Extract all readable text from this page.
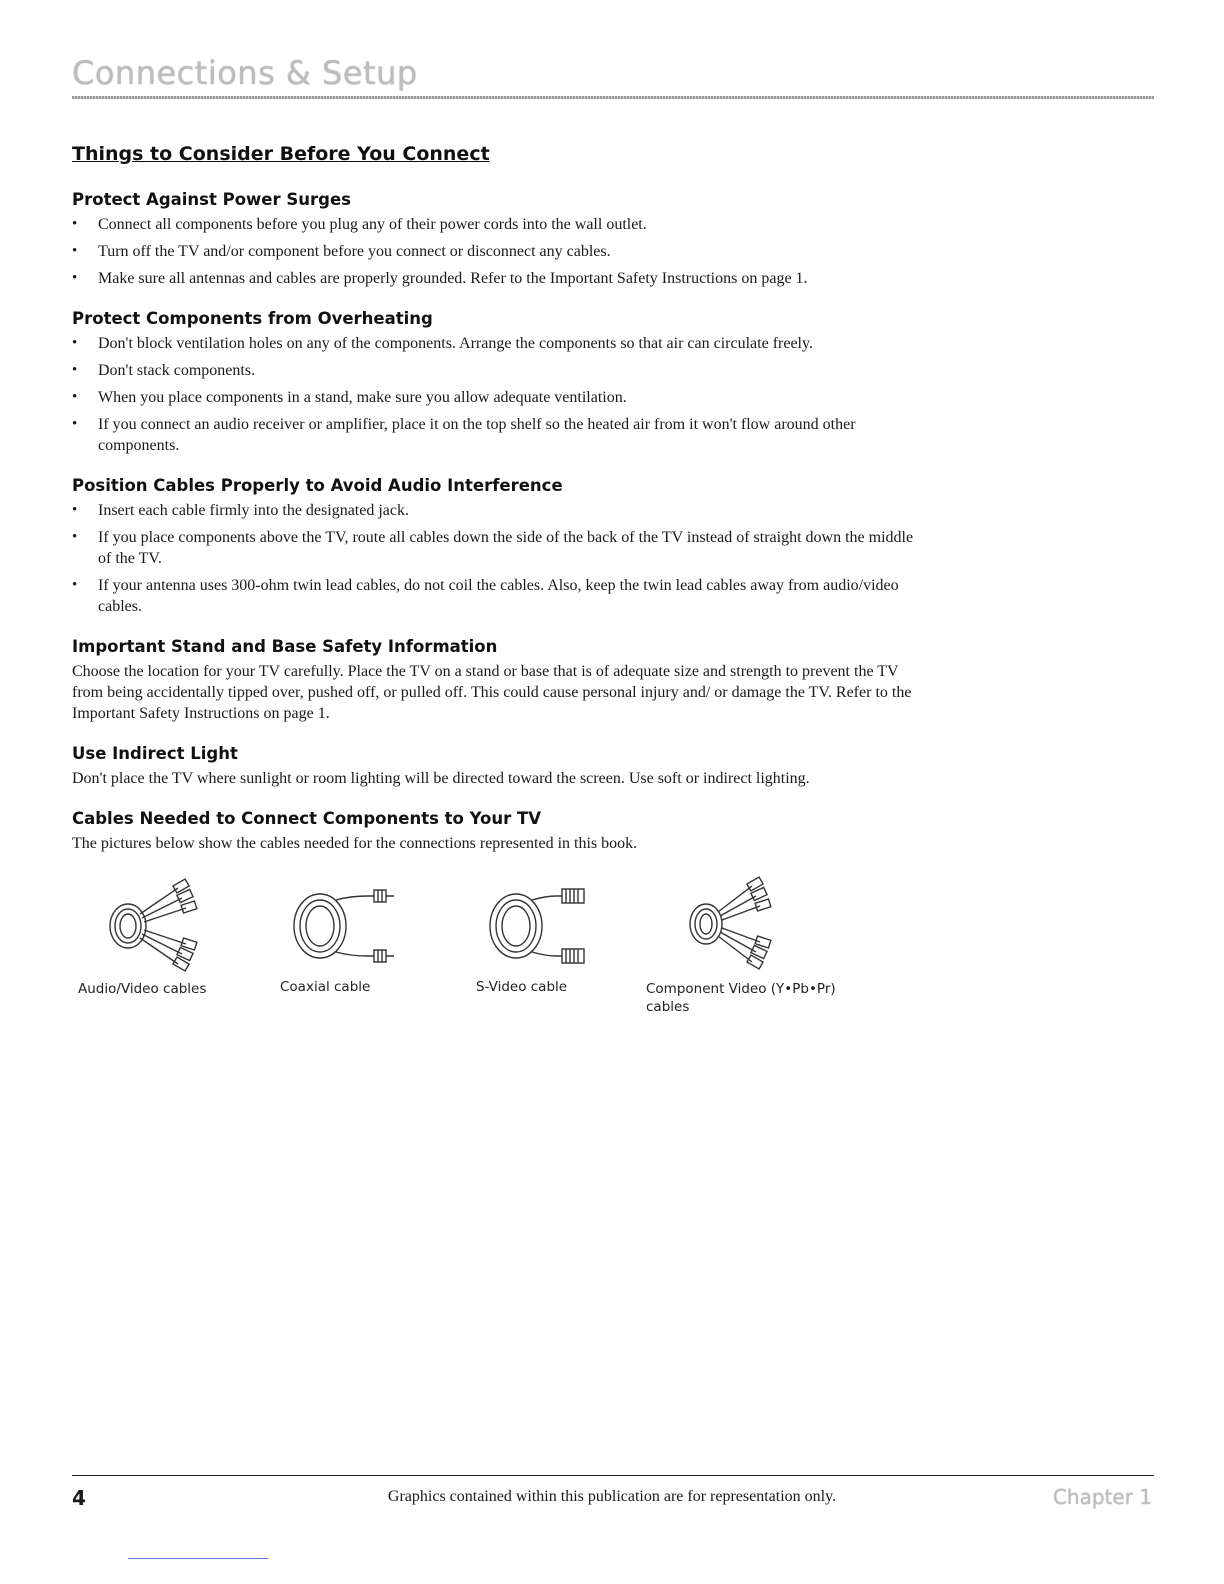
Connections & Setup
Things to Consider Before You Connect
Protect Against Power Surges
• Connect all components before you plug any of their power cords into the wall outlet.
• Turn off the TV and/or component before you connect or disconnect any cables.
• Make sure all antennas and cables are properly grounded. Refer to the Important Safety Instructions on page 1.
Protect Components from Overheating
• Don't block ventilation holes on any of the components. Arrange the components so that air can circulate freely.
• Don't stack components.
• When you place components in a stand, make sure you allow adequate ventilation.
• If you connect an audio receiver or amplifier, place it on the top shelf so the heated air from it won't flow around other components.
Position Cables Properly to Avoid Audio Interference
• Insert each cable firmly into the designated jack.
• If you place components above the TV, route all cables down the side of the back of the TV instead of straight down the middle of the TV.
• If your antenna uses 300-ohm twin lead cables, do not coil the cables. Also, keep the twin lead cables away from audio/video cables.
Important Stand and Base Safety Information

Choose the location for your TV carefully. Place the TV on a stand or base that is of adequate size and strength to prevent the TV from being accidentally tipped over, pushed off, or pulled off. This could cause personal injury and/ or damage the TV. Refer to the Important Safety Instructions on page 1.

Use Indirect Light

Don't place the TV where sunlight or room lighting will be directed toward the screen. Use soft or indirect lighting.

Cables Needed to Connect Components to Your TV

The pictures below show the cables needed for the connections represented in this book.

Audio/Video cables	Coaxial cable	S-Video cable	Component Video (Y•Pb•Pr) cables
4	Graphics contained within this publication are for representation only.	Chapter 1
